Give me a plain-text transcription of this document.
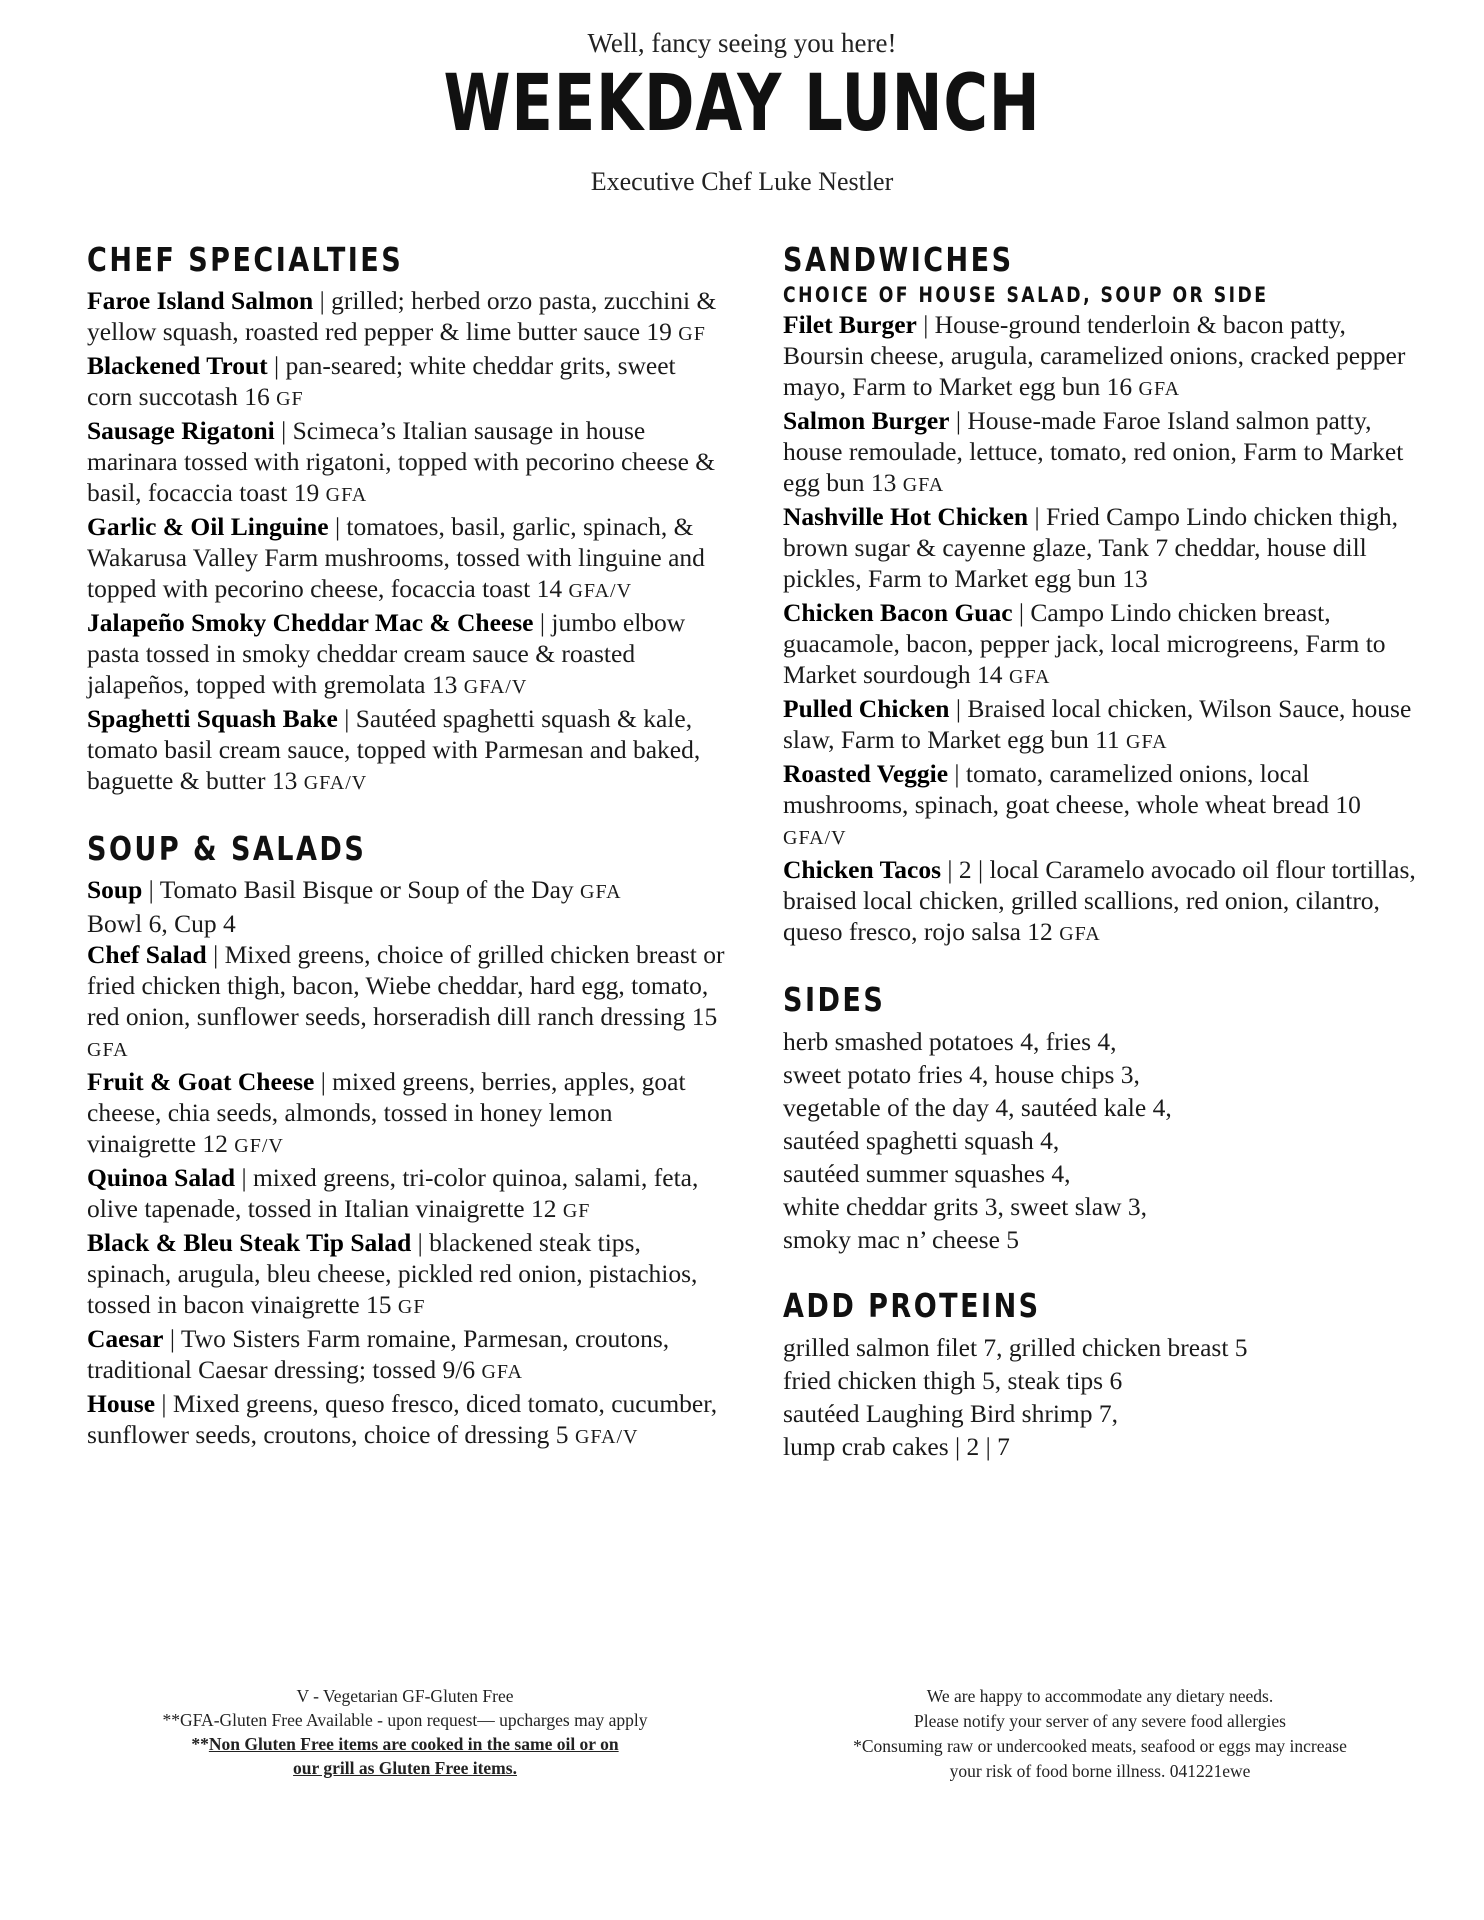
Well, fancy seeing you here!
WEEKDAY LUNCH
Executive Chef Luke Nestler
CHEF SPECIALTIES
Faroe Island Salmon | grilled; herbed orzo pasta, zucchini & yellow squash, roasted red pepper & lime butter sauce 19 GF
Blackened Trout | pan-seared; white cheddar grits, sweet corn succotash 16 GF
Sausage Rigatoni | Scimeca’s Italian sausage in house marinara tossed with rigatoni, topped with pecorino cheese & basil, focaccia toast 19 GFA
Garlic & Oil Linguine | tomatoes, basil, garlic, spinach, & Wakarusa Valley Farm mushrooms, tossed with linguine and topped with pecorino cheese, focaccia toast 14 GFA/V
Jalapeño Smoky Cheddar Mac & Cheese | jumbo elbow pasta tossed in smoky cheddar cream sauce & roasted jalapeños, topped with gremolata 13 GFA/V
Spaghetti Squash Bake | Sautéed spaghetti squash & kale, tomato basil cream sauce, topped with Parmesan and baked, baguette & butter 13 GFA/V
SOUP & SALADS
Soup | Tomato Basil Bisque or Soup of the Day GFA
Bowl 6, Cup 4
Chef Salad | Mixed greens, choice of grilled chicken breast or fried chicken thigh, bacon, Wiebe cheddar, hard egg, tomato, red onion, sunflower seeds, horseradish dill ranch dressing 15 GFA
Fruit & Goat Cheese | mixed greens, berries, apples, goat cheese, chia seeds, almonds, tossed in honey lemon vinaigrette 12 GF/V
Quinoa Salad | mixed greens, tri-color quinoa, salami, feta, olive tapenade, tossed in Italian vinaigrette 12 GF
Black & Bleu Steak Tip Salad | blackened steak tips, spinach, arugula, bleu cheese, pickled red onion, pistachios, tossed in bacon vinaigrette 15 GF
Caesar | Two Sisters Farm romaine, Parmesan, croutons, traditional Caesar dressing; tossed 9/6 GFA
House | Mixed greens, queso fresco, diced tomato, cucumber, sunflower seeds, croutons, choice of dressing 5 GFA/V
SANDWICHES
CHOICE OF HOUSE SALAD, SOUP OR SIDE
Filet Burger | House-ground tenderloin & bacon patty, Boursin cheese, arugula, caramelized onions, cracked pepper mayo, Farm to Market egg bun 16 GFA
Salmon Burger | House-made Faroe Island salmon patty, house remoulade, lettuce, tomato, red onion, Farm to Market egg bun 13 GFA
Nashville Hot Chicken | Fried Campo Lindo chicken thigh, brown sugar & cayenne glaze, Tank 7 cheddar, house dill pickles, Farm to Market egg bun 13
Chicken Bacon Guac | Campo Lindo chicken breast, guacamole, bacon, pepper jack, local microgreens, Farm to Market sourdough 14 GFA
Pulled Chicken | Braised local chicken, Wilson Sauce, house slaw, Farm to Market egg bun 11 GFA
Roasted Veggie | tomato, caramelized onions, local mushrooms, spinach, goat cheese, whole wheat bread 10 GFA/V
Chicken Tacos | 2 | local Caramelo avocado oil flour tortillas, braised local chicken, grilled scallions, red onion, cilantro, queso fresco, rojo salsa 12 GFA
SIDES
herb smashed potatoes 4, fries 4,
sweet potato fries 4, house chips 3,
vegetable of the day 4, sautéed kale 4,
sautéed spaghetti squash 4,
sautéed summer squashes 4,
white cheddar grits 3, sweet slaw 3,
smoky mac n’ cheese 5
ADD PROTEINS
grilled salmon filet 7, grilled chicken breast 5
fried chicken thigh 5, steak tips 6
sautéed Laughing Bird shrimp 7,
lump crab cakes | 2 | 7
V - Vegetarian GF-Gluten Free
**GFA-Gluten Free Available - upon request— upcharges may apply
**Non Gluten Free items are cooked in the same oil or on
our grill as Gluten Free items.
We are happy to accommodate any dietary needs.
Please notify your server of any severe food allergies
*Consuming raw or undercooked meats, seafood or eggs may increase
your risk of food borne illness. 041221ewe
